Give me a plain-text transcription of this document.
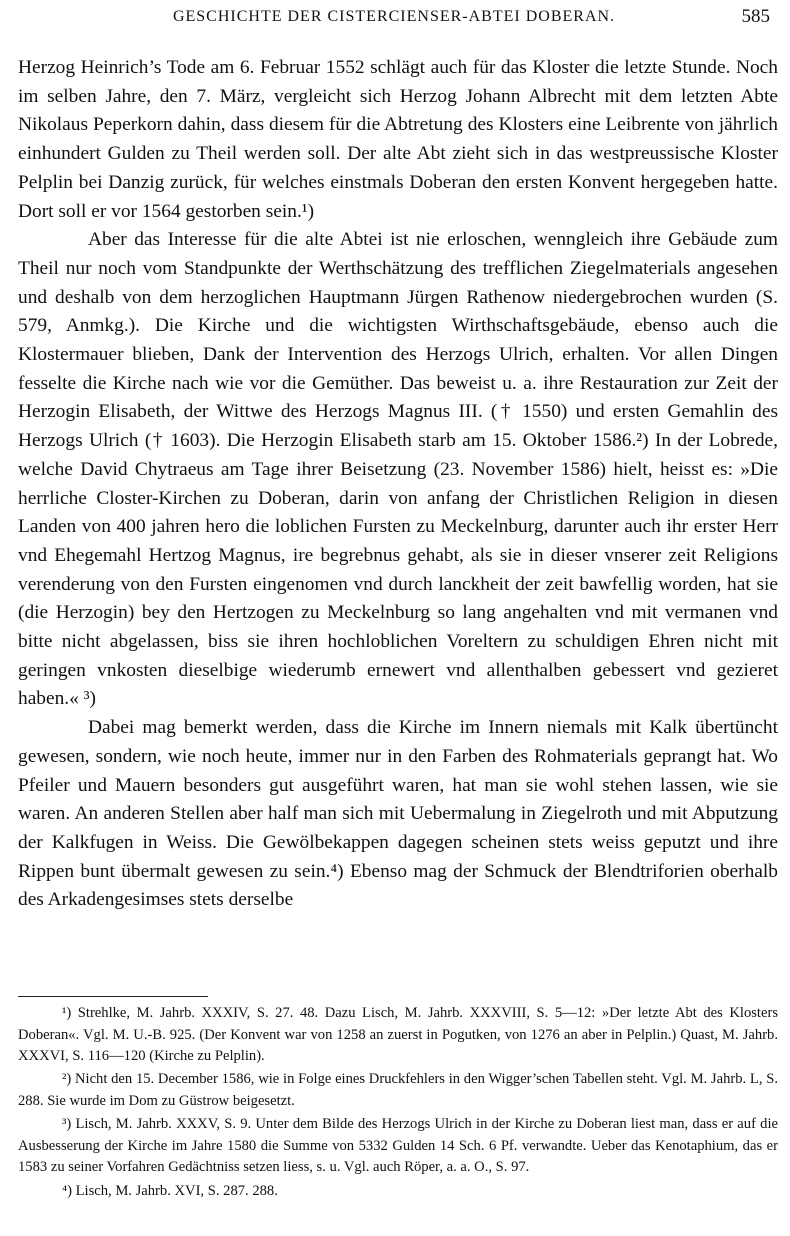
GESCHICHTE DER CISTERCIENSER-ABTEI DOBERAN.	585

Herzog Heinrich’s Tode am 6. Februar 1552 schlägt auch für das Kloster die letzte Stunde. Noch im selben Jahre, den 7. März, vergleicht sich Herzog Johann Albrecht mit dem letzten Abte Nikolaus Peperkorn dahin, dass diesem für die Abtretung des Klosters eine Leibrente von jährlich einhundert Gulden zu Theil werden soll. Der alte Abt zieht sich in das westpreussische Kloster Pelplin bei Danzig zurück, für welches einstmals Doberan den ersten Konvent hergegeben hatte. Dort soll er vor 1564 gestorben sein.¹)

Aber das Interesse für die alte Abtei ist nie erloschen, wenngleich ihre Gebäude zum Theil nur noch vom Standpunkte der Werthschätzung des trefflichen Ziegelmaterials angesehen und deshalb von dem herzoglichen Hauptmann Jürgen Rathenow niedergebrochen wurden (S. 579, Anmkg.). Die Kirche und die wichtigsten Wirthschaftsgebäude, ebenso auch die Klostermauer blieben, Dank der Intervention des Herzogs Ulrich, erhalten. Vor allen Dingen fesselte die Kirche nach wie vor die Gemüther. Das beweist u. a. ihre Restauration zur Zeit der Herzogin Elisabeth, der Wittwe des Herzogs Magnus III. († 1550) und ersten Gemahlin des Herzogs Ulrich († 1603). Die Herzogin Elisabeth starb am 15. Oktober 1586.²) In der Lobrede, welche David Chytraeus am Tage ihrer Beisetzung (23. November 1586) hielt, heisst es: »Die herrliche Closter-Kirchen zu Doberan, darin von anfang der Christlichen Religion in diesen Landen von 400 jahren hero die loblichen Fursten zu Meckelnburg, darunter auch ihr erster Herr vnd Ehegemahl Hertzog Magnus, ire begrebnus gehabt, als sie in dieser vnserer zeit Religions verenderung von den Fursten eingenomen vnd durch lanckheit der zeit bawfellig worden, hat sie (die Herzogin) bey den Hertzogen zu Meckelnburg so lang angehalten vnd mit vermanen vnd bitte nicht abgelassen, biss sie ihren hochloblichen Voreltern zu schuldigen Ehren nicht mit geringen vnkosten dieselbige wiederumb ernewert vnd allenthalben gebessert vnd gezieret haben.« ³)

Dabei mag bemerkt werden, dass die Kirche im Innern niemals mit Kalk übertüncht gewesen, sondern, wie noch heute, immer nur in den Farben des Rohmaterials geprangt hat. Wo Pfeiler und Mauern besonders gut ausgeführt waren, hat man sie wohl stehen lassen, wie sie waren. An anderen Stellen aber half man sich mit Uebermalung in Ziegelroth und mit Abputzung der Kalkfugen in Weiss. Die Gewölbekappen dagegen scheinen stets weiss geputzt und ihre Rippen bunt übermalt gewesen zu sein.⁴) Ebenso mag der Schmuck der Blendtriforien oberhalb des Arkadengesimses stets derselbe

¹) Strehlke, M. Jahrb. XXXIV, S. 27. 48. Dazu Lisch, M. Jahrb. XXXVIII, S. 5—12: »Der letzte Abt des Klosters Doberan«. Vgl. M. U.-B. 925. (Der Konvent war von 1258 an zuerst in Pogutken, von 1276 an aber in Pelplin.) Quast, M. Jahrb. XXXVI, S. 116—120 (Kirche zu Pelplin).

²) Nicht den 15. December 1586, wie in Folge eines Druckfehlers in den Wigger’schen Tabellen steht. Vgl. M. Jahrb. L, S. 288. Sie wurde im Dom zu Güstrow beigesetzt.

³) Lisch, M. Jahrb. XXXV, S. 9. Unter dem Bilde des Herzogs Ulrich in der Kirche zu Doberan liest man, dass er auf die Ausbesserung der Kirche im Jahre 1580 die Summe von 5332 Gulden 14 Sch. 6 Pf. verwandte. Ueber das Kenotaphium, das er 1583 zu seiner Vorfahren Gedächtniss setzen liess, s. u. Vgl. auch Röper, a. a. O., S. 97.

⁴) Lisch, M. Jahrb. XVI, S. 287. 288.
